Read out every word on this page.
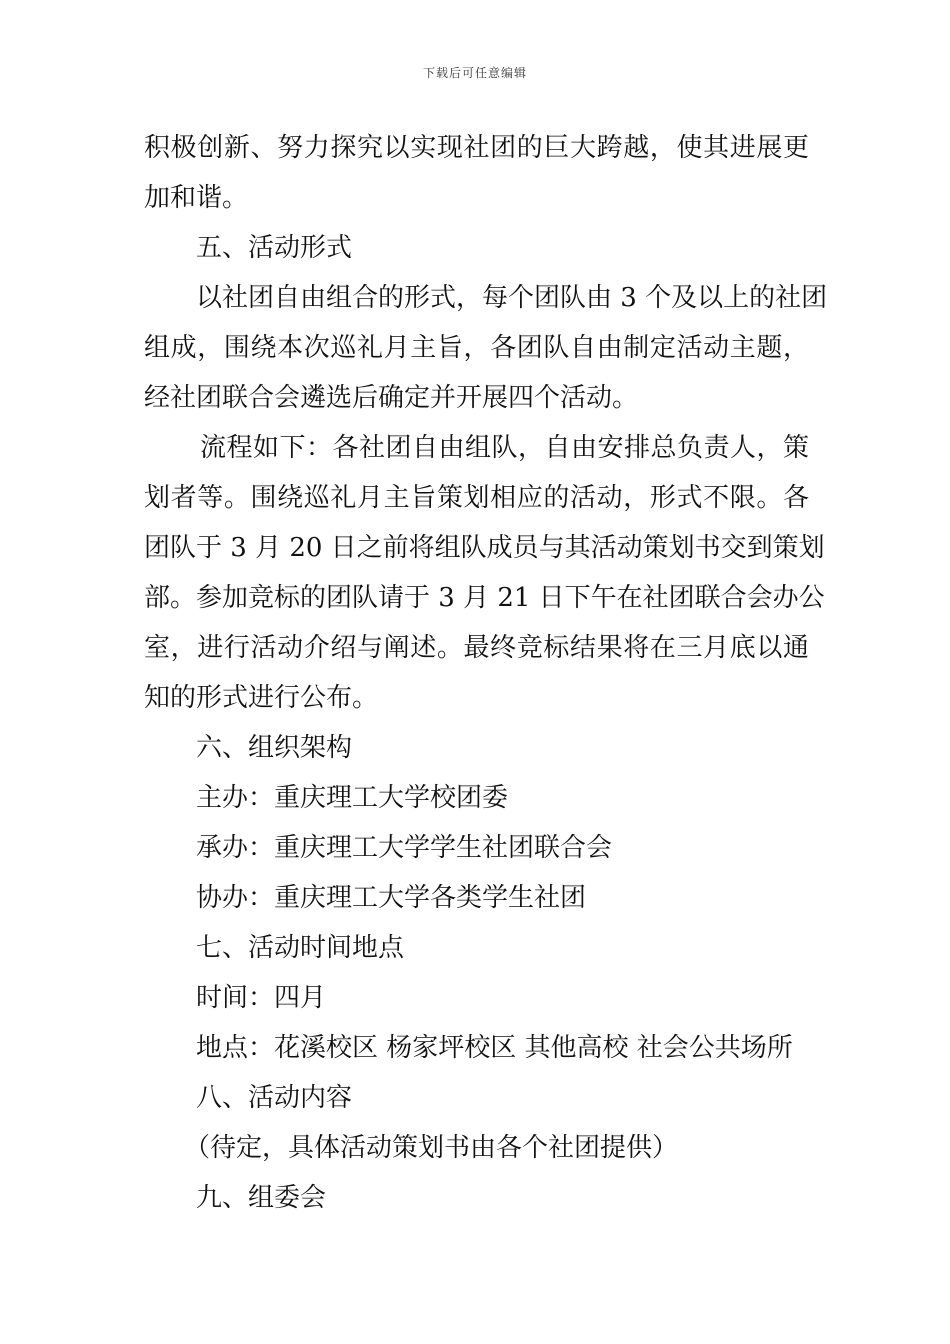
下载后可任意编辑
积极创新、努力探究以实现社团的巨大跨越，使其进展更
加和谐。
五、活动形式
以社团自由组合的形式，每个团队由 3 个及以上的社团
组成，围绕本次巡礼月主旨，各团队自由制定活动主题，
经社团联合会遴选后确定并开展四个活动。
流程如下：各社团自由组队，自由安排总负责人，策
划者等。围绕巡礼月主旨策划相应的活动，形式不限。各
团队于 3 月 20 日之前将组队成员与其活动策划书交到策划
部。参加竞标的团队请于 3 月 21 日下午在社团联合会办公
室，进行活动介绍与阐述。最终竞标结果将在三月底以通
知的形式进行公布。
六、组织架构
主办：重庆理工大学校团委
承办：重庆理工大学学生社团联合会
协办：重庆理工大学各类学生社团
七、活动时间地点
时间：四月
地点：花溪校区 杨家坪校区 其他高校 社会公共场所
八、活动内容
（待定，具体活动策划书由各个社团提供）
九、组委会
